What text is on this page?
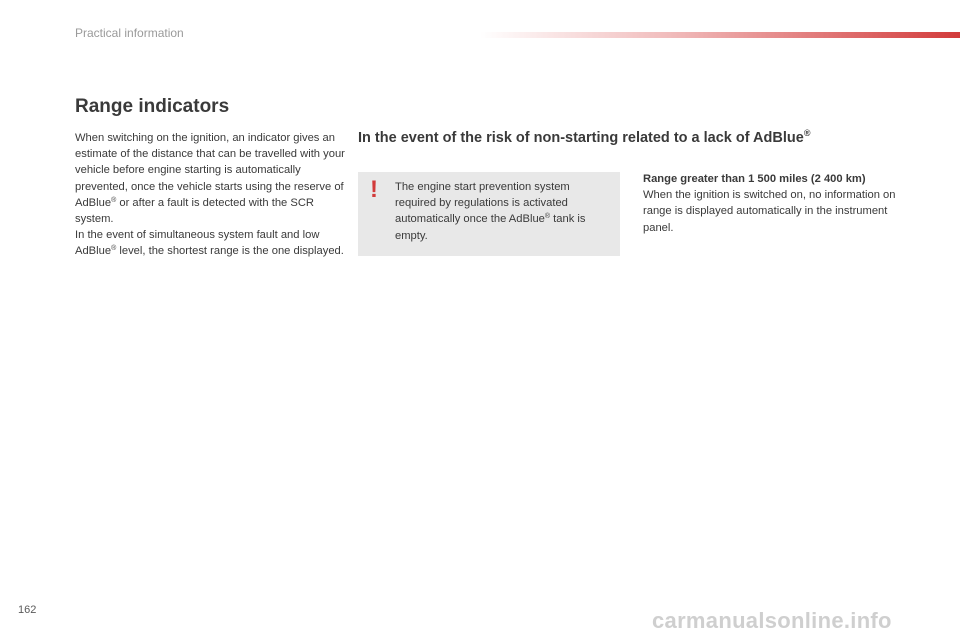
Practical information
Range indicators

When switching on the ignition, an indicator gives an estimate of the distance that can be travelled with your vehicle before engine starting is automatically prevented, once the vehicle starts using the reserve of AdBlue® or after a fault is detected with the SCR system.

In the event of simultaneous system fault and low AdBlue® level, the shortest range is the one displayed.

In the event of the risk of non-starting related to a lack of AdBlue®
! The engine start prevention system required by regulations is activated automatically once the AdBlue® tank is empty.

Range greater than 1 500 miles (2 400 km)

When the ignition is switched on, no information on range is displayed automatically in the instrument panel.

162	carmanualsonline.info
